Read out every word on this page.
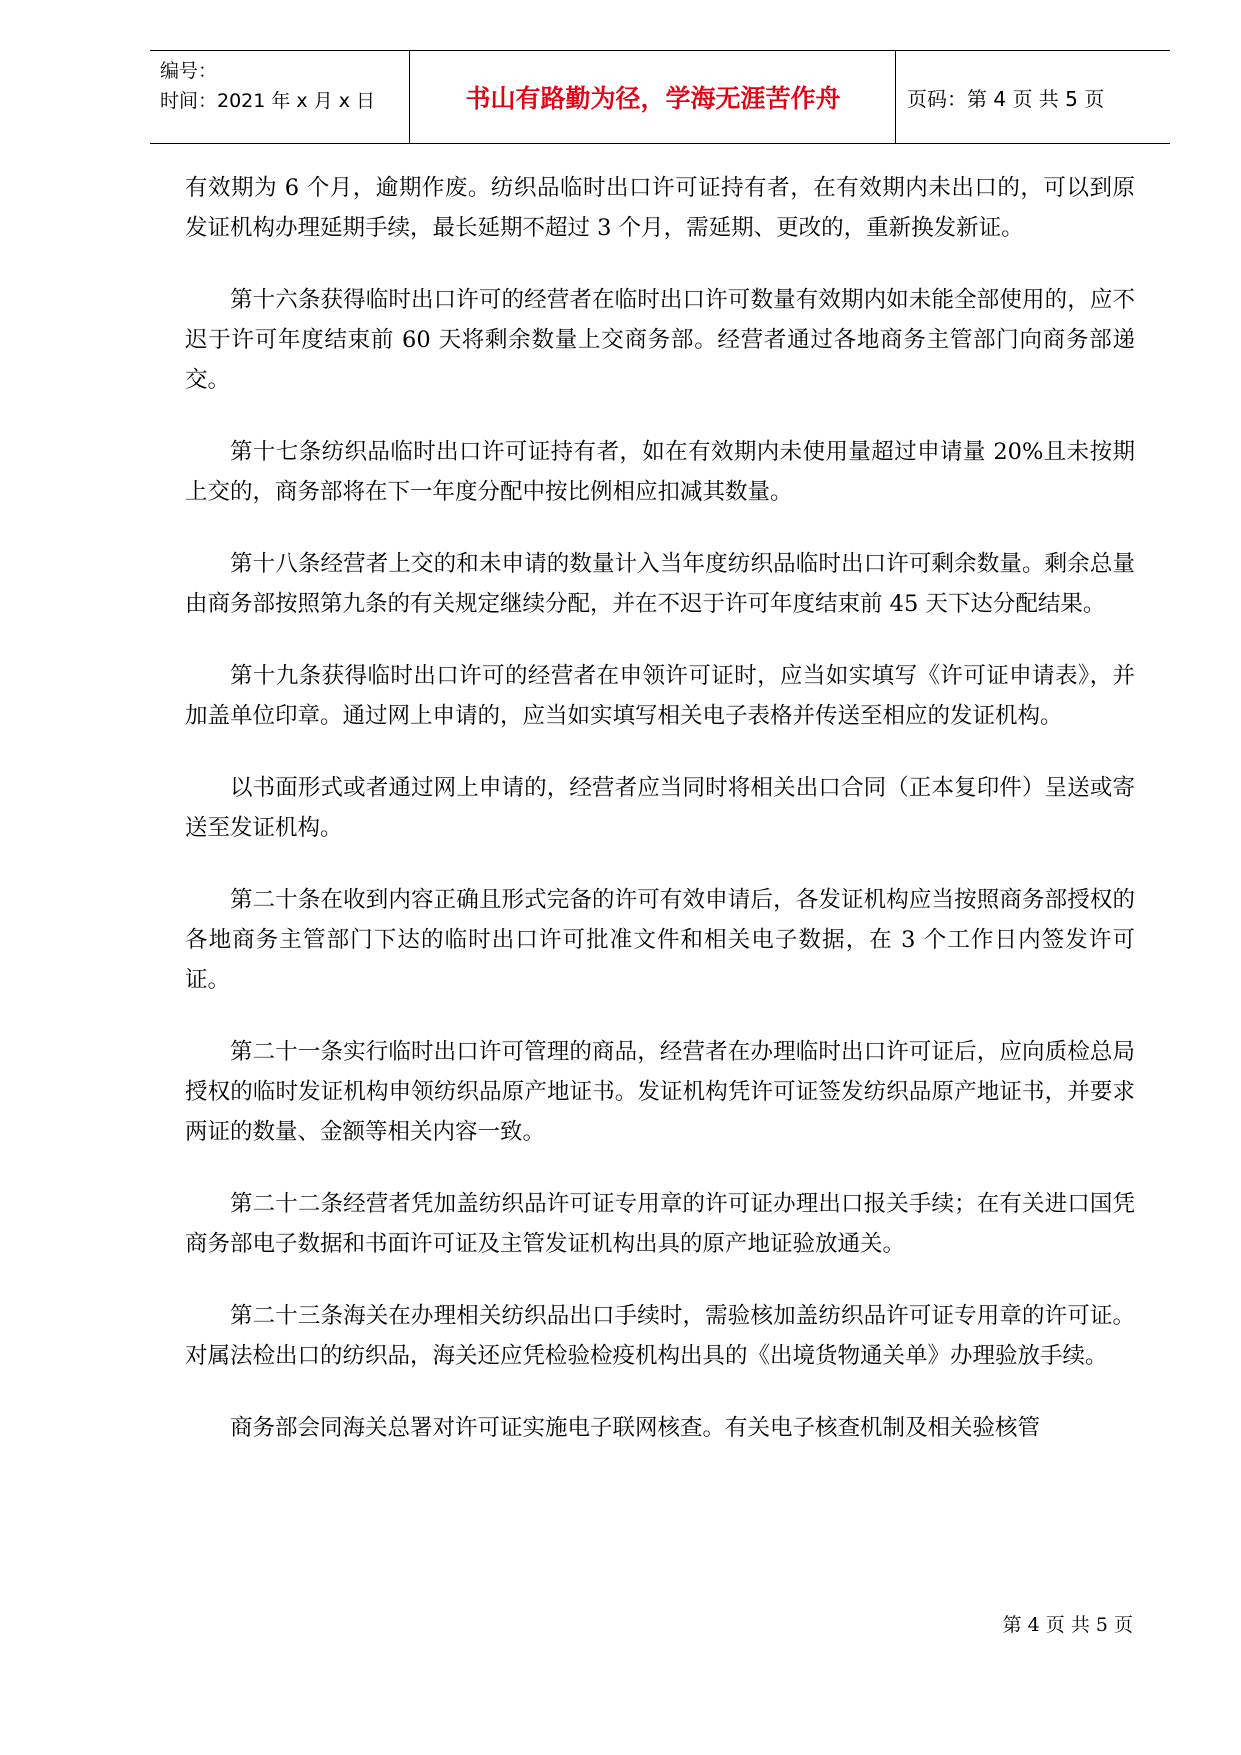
编号：
时间：2021 年 x 月 x 日	书山有路勤为径，学海无涯苦作舟	页码：第 4 页 共 5 页

有效期为 6 个月，逾期作废。纺织品临时出口许可证持有者，在有效期内未出口的，可以到原发证机构办理延期手续，最长延期不超过 3 个月，需延期、更改的，重新换发新证。

第十六条获得临时出口许可的经营者在临时出口许可数量有效期内如未能全部使用的，应不迟于许可年度结束前 60 天将剩余数量上交商务部。经营者通过各地商务主管部门向商务部递交。

第十七条纺织品临时出口许可证持有者，如在有效期内未使用量超过申请量 20%且未按期上交的，商务部将在下一年度分配中按比例相应扣减其数量。

第十八条经营者上交的和未申请的数量计入当年度纺织品临时出口许可剩余数量。剩余总量由商务部按照第九条的有关规定继续分配，并在不迟于许可年度结束前 45 天下达分配结果。

第十九条获得临时出口许可的经营者在申领许可证时，应当如实填写《许可证申请表》，并加盖单位印章。通过网上申请的，应当如实填写相关电子表格并传送至相应的发证机构。

以书面形式或者通过网上申请的，经营者应当同时将相关出口合同（正本复印件）呈送或寄送至发证机构。

第二十条在收到内容正确且形式完备的许可有效申请后，各发证机构应当按照商务部授权的各地商务主管部门下达的临时出口许可批准文件和相关电子数据，在 3 个工作日内签发许可证。

第二十一条实行临时出口许可管理的商品，经营者在办理临时出口许可证后，应向质检总局授权的临时发证机构申领纺织品原产地证书。发证机构凭许可证签发纺织品原产地证书，并要求两证的数量、金额等相关内容一致。

第二十二条经营者凭加盖纺织品许可证专用章的许可证办理出口报关手续；在有关进口国凭商务部电子数据和书面许可证及主管发证机构出具的原产地证验放通关。

第二十三条海关在办理相关纺织品出口手续时，需验核加盖纺织品许可证专用章的许可证。对属法检出口的纺织品，海关还应凭检验检疫机构出具的《出境货物通关单》办理验放手续。

商务部会同海关总署对许可证实施电子联网核查。有关电子核查机制及相关验核管

第 4 页 共 5 页
